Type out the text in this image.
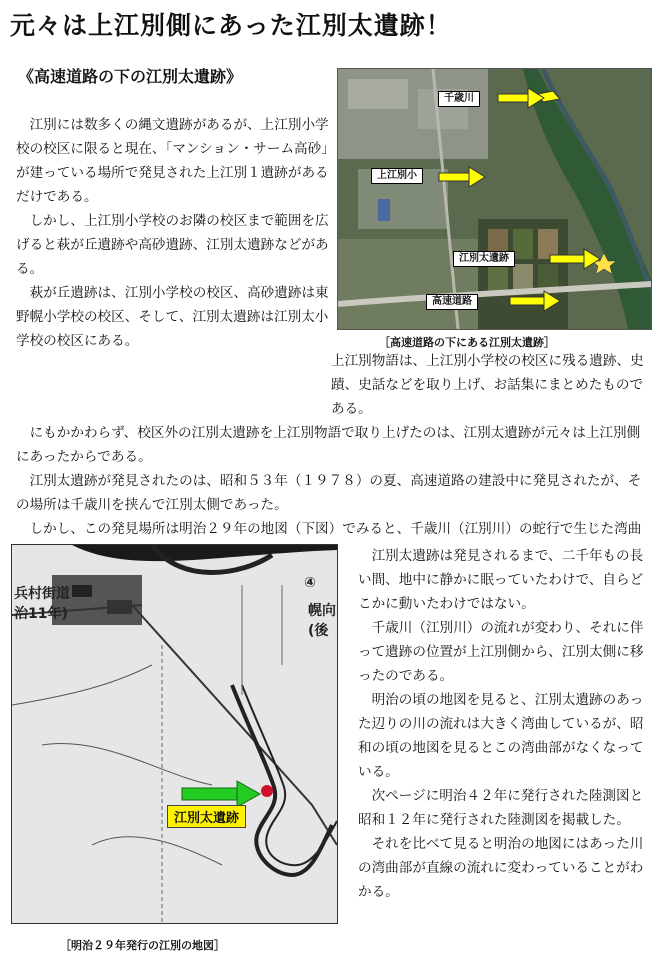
元々は上江別側にあった江別太遺跡！
《高速道路の下の江別太遺跡》

江別には数多くの縄文遺跡があるが、上江別小学校の校区に限ると現在、「マンション・サーム高砂」が建っている場所で発見された上江別１遺跡があるだけである。

しかし、上江別小学校のお隣の校区まで範囲を広げると萩が丘遺跡や高砂遺跡、江別太遺跡などがある。

萩が丘遺跡は、江別小学校の校区、高砂遺跡は東野幌小学校の校区、そして、江別太遺跡は江別太小学校の校区にある。

千歳川
上江別小
江別太遺跡
高速道路
［高速道路の下にある江別太遺跡］

上江別物語は、上江別小学校の校区に残る遺跡、史蹟、史話などを取り上げ、お話集にまとめたものである。

にもかかわらず、校区外の江別太遺跡を上江別物語で取り上げたのは、江別太遺跡が元々は上江別側にあったからである。

江別太遺跡が発見されたのは、昭和５３年（１９７８）の夏、高速道路の建設中に発見されたが、その場所は千歳川を挟んで江別太側であった。

しかし、この発見場所は明治２９年の地図（下図）でみると、千歳川（江別川）の蛇行で生じた湾曲

兵村街道
治11年)
④
幌向
(後
江別太遺跡
［明治２９年発行の江別の地図］

江別太遺跡は発見されるまで、二千年もの長い間、地中に静かに眠っていたわけで、自らどこかに動いたわけではない。

千歳川（江別川）の流れが変わり、それに伴って遺跡の位置が上江別側から、江別太側に移ったのである。

明治の頃の地図を見ると、江別太遺跡のあった辺りの川の流れは大きく湾曲しているが、昭和の頃の地図を見るとこの湾曲部がなくなっている。

次ページに明治４２年に発行された陸測図と昭和１２年に発行された陸測図を掲載した。

それを比べて見ると明治の地図にはあった川の湾曲部が直線の流れに変わっていることがわかる。
